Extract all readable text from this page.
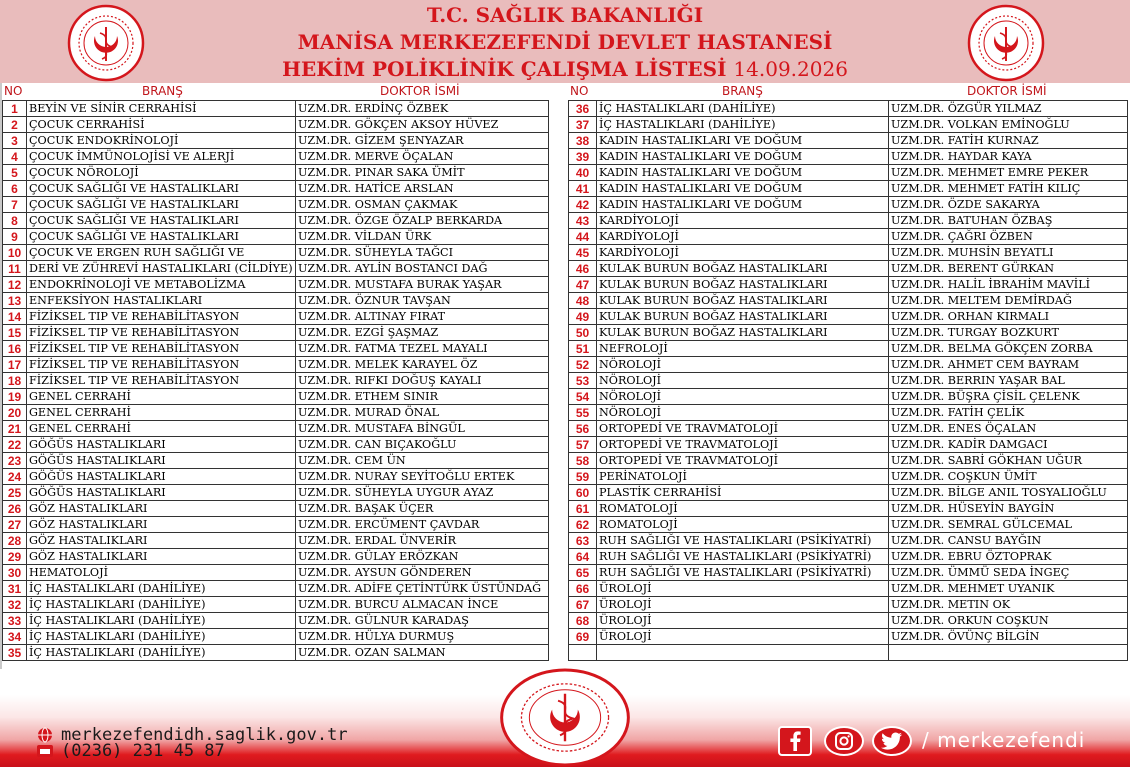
T.C. SAĞLIK BAKANLIĞI
MANİSA MERKEZEFENDİ DEVLET HASTANESİ
HEKİM POLİKLİNİK ÇALIŞMA LİSTESİ 14.09.2026
NO	BRANŞ	DOKTOR İSMİ	NO	BRANŞ	DOKTOR İSMİ
1	BEYİN VE SİNİR CERRAHİSİ	UZM.DR. ERDİNÇ ÖZBEK
2	ÇOCUK CERRAHİSİ	UZM.DR. GÖKÇEN AKSOY HÜVEZ
3	ÇOCUK ENDOKRİNOLOJİ	UZM.DR. GİZEM ŞENYAZAR
4	ÇOCUK İMMÜNOLOJİSİ VE ALERJİ	UZM.DR. MERVE ÖÇALAN
5	ÇOCUK NÖROLOJİ	UZM.DR. PINAR SAKA ÜMİT
6	ÇOCUK SAĞLIĞI VE HASTALIKLARI	UZM.DR. HATİCE ARSLAN
7	ÇOCUK SAĞLIĞI VE HASTALIKLARI	UZM.DR. OSMAN ÇAKMAK
8	ÇOCUK SAĞLIĞI VE HASTALIKLARI	UZM.DR. ÖZGE ÖZALP BERKARDA
9	ÇOCUK SAĞLIĞI VE HASTALIKLARI	UZM.DR. VİLDAN ÜRK
10	ÇOCUK VE ERGEN RUH SAĞLIĞI VE	UZM.DR. SÜHEYLA TAĞCI
11	DERİ VE ZÜHREVİ HASTALIKLARI (CİLDİYE)	UZM.DR. AYLİN BOSTANCI DAĞ
12	ENDOKRİNOLOJİ VE METABOLİZMA	UZM.DR. MUSTAFA BURAK YAŞAR
13	ENFEKSİYON HASTALIKLARI	UZM.DR. ÖZNUR TAVŞAN
14	FİZİKSEL TIP VE REHABİLİTASYON	UZM.DR. ALTINAY FIRAT
15	FİZİKSEL TIP VE REHABİLİTASYON	UZM.DR. EZGİ ŞAŞMAZ
16	FİZİKSEL TIP VE REHABİLİTASYON	UZM.DR. FATMA TEZEL MAYALI
17	FİZİKSEL TIP VE REHABİLİTASYON	UZM.DR. MELEK KARAYEL ÖZ
18	FİZİKSEL TIP VE REHABİLİTASYON	UZM.DR. RIFKI DOĞUŞ KAYALI
19	GENEL CERRAHİ	UZM.DR. ETHEM SINIR
20	GENEL CERRAHİ	UZM.DR. MURAD ÖNAL
21	GENEL CERRAHİ	UZM.DR. MUSTAFA BİNGÜL
22	GÖĞÜS HASTALIKLARI	UZM.DR. CAN BIÇAKOĞLU
23	GÖĞÜS HASTALIKLARI	UZM.DR. CEM ÜN
24	GÖĞÜS HASTALIKLARI	UZM.DR. NURAY SEYİTOĞLU ERTEK
25	GÖĞÜS HASTALIKLARI	UZM.DR. SÜHEYLA UYGUR AYAZ
26	GÖZ HASTALIKLARI	UZM.DR. BAŞAK ÜÇER
27	GÖZ HASTALIKLARI	UZM.DR. ERCÜMENT ÇAVDAR
28	GÖZ HASTALIKLARI	UZM.DR. ERDAL ÜNVERİR
29	GÖZ HASTALIKLARI	UZM.DR. GÜLAY ERÖZKAN
30	HEMATOLOJİ	UZM.DR. AYSUN GÖNDEREN
31	İÇ HASTALIKLARI (DAHİLİYE)	UZM.DR. ADİFE ÇETİNTÜRK ÜSTÜNDAĞ
32	İÇ HASTALIKLARI (DAHİLİYE)	UZM.DR. BURCU ALMACAN İNCE
33	İÇ HASTALIKLARI (DAHİLİYE)	UZM.DR. GÜLNUR KARADAŞ
34	İÇ HASTALIKLARI (DAHİLİYE)	UZM.DR. HÜLYA DURMUŞ
35	İÇ HASTALIKLARI (DAHİLİYE)	UZM.DR. OZAN SALMAN
36	İÇ HASTALIKLARI (DAHİLİYE)	UZM.DR. ÖZGÜR YILMAZ
37	İÇ HASTALIKLARI (DAHİLİYE)	UZM.DR. VOLKAN EMİNOĞLU
38	KADIN HASTALIKLARI VE DOĞUM	UZM.DR. FATİH KURNAZ
39	KADIN HASTALIKLARI VE DOĞUM	UZM.DR. HAYDAR KAYA
40	KADIN HASTALIKLARI VE DOĞUM	UZM.DR. MEHMET EMRE PEKER
41	KADIN HASTALIKLARI VE DOĞUM	UZM.DR. MEHMET FATİH KILIÇ
42	KADIN HASTALIKLARI VE DOĞUM	UZM.DR. ÖZDE SAKARYA
43	KARDİYOLOJİ	UZM.DR. BATUHAN ÖZBAŞ
44	KARDİYOLOJİ	UZM.DR. ÇAĞRI ÖZBEN
45	KARDİYOLOJİ	UZM.DR. MUHSİN BEYATLI
46	KULAK BURUN BOĞAZ HASTALIKLARI	UZM.DR. BERENT GÜRKAN
47	KULAK BURUN BOĞAZ HASTALIKLARI	UZM.DR. HALİL İBRAHİM MAVİLİ
48	KULAK BURUN BOĞAZ HASTALIKLARI	UZM.DR. MELTEM DEMİRDAĞ
49	KULAK BURUN BOĞAZ HASTALIKLARI	UZM.DR. ORHAN KIRMALI
50	KULAK BURUN BOĞAZ HASTALIKLARI	UZM.DR. TURGAY BOZKURT
51	NEFROLOJİ	UZM.DR. BELMA GÖKÇEN ZORBA
52	NÖROLOJİ	UZM.DR. AHMET CEM BAYRAM
53	NÖROLOJİ	UZM.DR. BERRIN YAŞAR BAL
54	NÖROLOJİ	UZM.DR. BÜŞRA ÇİSİL ÇELENK
55	NÖROLOJİ	UZM.DR. FATİH ÇELİK
56	ORTOPEDİ VE TRAVMATOLOJİ	UZM.DR. ENES ÖÇALAN
57	ORTOPEDİ VE TRAVMATOLOJİ	UZM.DR. KADİR DAMGACI
58	ORTOPEDİ VE TRAVMATOLOJİ	UZM.DR. SABRİ GÖKHAN UĞUR
59	PERİNATOLOJİ	UZM.DR. COŞKUN ÜMİT
60	PLASTİK CERRAHİSİ	UZM.DR. BİLGE ANIL TOSYALIOĞLU
61	ROMATOLOJİ	UZM.DR. HÜSEYİN BAYGİN
62	ROMATOLOJİ	UZM.DR. SEMRAL GÜLCEMAL
63	RUH SAĞLIĞI VE HASTALIKLARI (PSİKİYATRİ)	UZM.DR. CANSU BAYĞIN
64	RUH SAĞLIĞI VE HASTALIKLARI (PSİKİYATRİ)	UZM.DR. EBRU ÖZTOPRAK
65	RUH SAĞLIĞI VE HASTALIKLARI (PSİKİYATRİ)	UZM.DR. ÜMMÜ SEDA İNGEÇ
66	ÜROLOJİ	UZM.DR. MEHMET UYANIK
67	ÜROLOJİ	UZM.DR. METIN OK
68	ÜROLOJİ	UZM.DR. ORKUN COŞKUN
69	ÜROLOJİ	UZM.DR. ÖVÜNÇ BİLGİN

merkezefendidh.saglik.gov.tr
(0236) 231 45 87	/ merkezefendi
